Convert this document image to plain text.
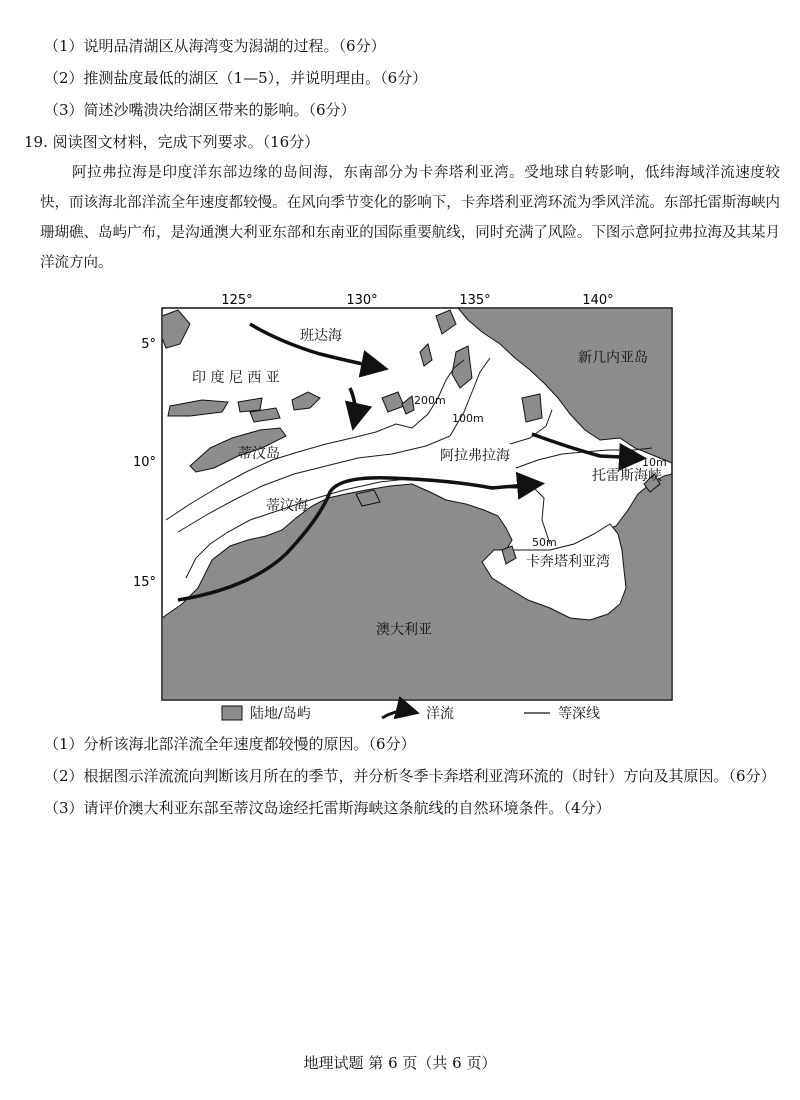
（1）说明品清湖区从海湾变为潟湖的过程。（6分）
（2）推测盐度最低的湖区（1—5），并说明理由。（6分）
（3）简述沙嘴溃决给湖区带来的影响。（6分）
19. 阅读图文材料，完成下列要求。（16分）
阿拉弗拉海是印度洋东部边缘的岛间海，东南部分为卡奔塔利亚湾。受地球自转影响，低纬海域洋流速度较快，而该海北部洋流全年速度都较慢。在风向季节变化的影响下，卡奔塔利亚湾环流为季风洋流。东部托雷斯海峡内珊瑚礁、岛屿广布，是沟通澳大利亚东部和东南亚的国际重要航线，同时充满了风险。下图示意阿拉弗拉海及其某月洋流方向。
125°	130°	135°	140°
5°
10°
15°
班达海
印 度 尼 西 亚
新几内亚岛
蒂汶岛	阿拉弗拉海
托雷斯海峡
蒂汶海
卡奔塔利亚湾
澳大利亚
200m
100m
10m
50m
陆地/岛屿	洋流	等深线
（1）分析该海北部洋流全年速度都较慢的原因。（6分）
（2）根据图示洋流流向判断该月所在的季节，并分析冬季卡奔塔利亚湾环流的（时针）方向及其原因。（6分）
（3）请评价澳大利亚东部至蒂汶岛途经托雷斯海峡这条航线的自然环境条件。（4分）
地理试题 第 6 页（共 6 页）
